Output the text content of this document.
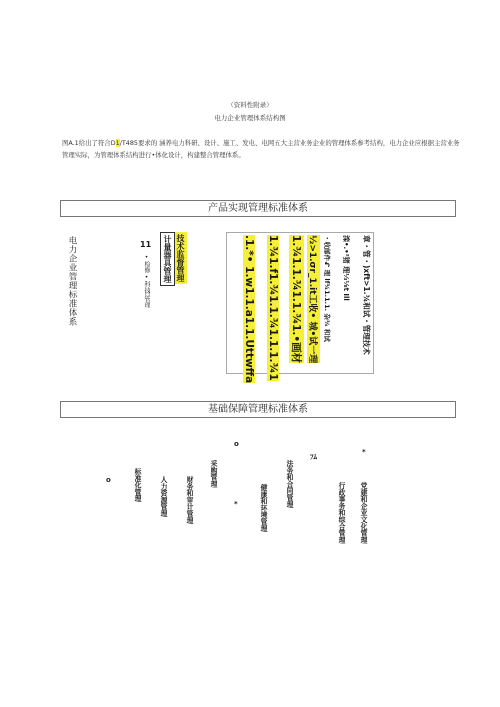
（资料性附录）
电力企业管理体系结构图
图A.1给出了符合D1/T485要求的 涵养电力科研、设计、施工、发电、电网五大主营业务企业的管理体系参考结构，电力企业应根据主营业务管理实际，为管理体系结构进行•体化设计，构建整合管理体系。
产品实现管理标准体系
电力企业管理标准体系	技术监督管理
计量器具管理
11
•检修
•科技
目管理	章・管・)xft>1.¾和试・管理技术
滦•.•²猪 理⅓⅛t Ill
・收邮件ᖋ 理 lf¾1.1.1. 杂¾ 和试
½>1.σr_1.it工收• 城•试一理
1.¾1.1.¾1.1.¾1.•画材
1.¾1.f1.¾1.1.¾1.1.1.¾1
.1.*• 1.w1.1.a1.1.Uttwffa
基础保障管理标准体系
标准化管理	人力资源管理	财务和审计管理
采购管理
健康和环境管理
法务和合同管理	行政事务和综合管理 党建和企业文化管理
o
o
*
ﾌﾑ
*
